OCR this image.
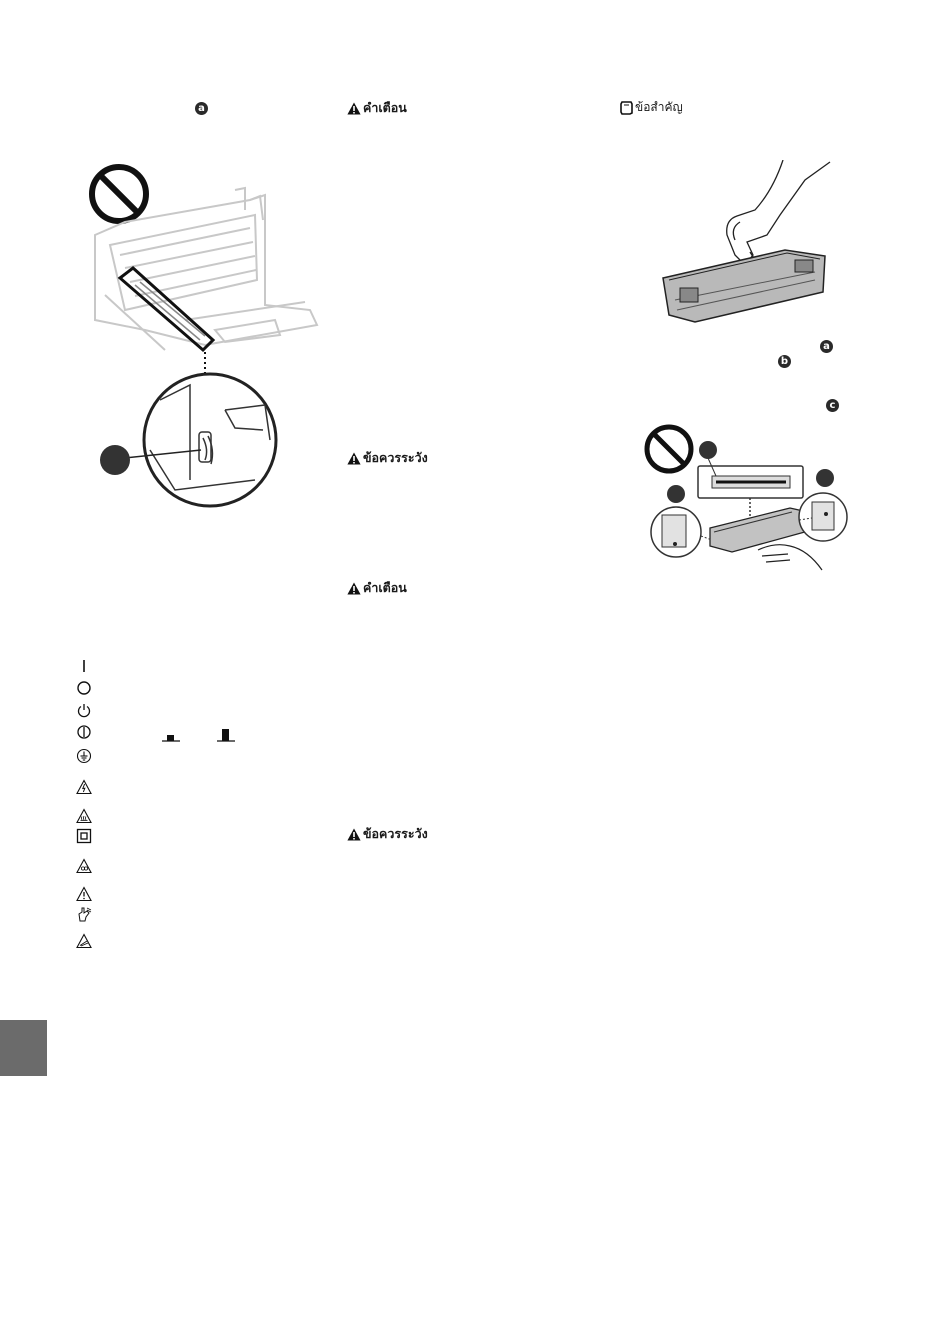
a	คำเตือน
ข้อควรระวัง
คำเตือน
ข้อควรระวัง
ข้อสำคัญ
a
b
c
